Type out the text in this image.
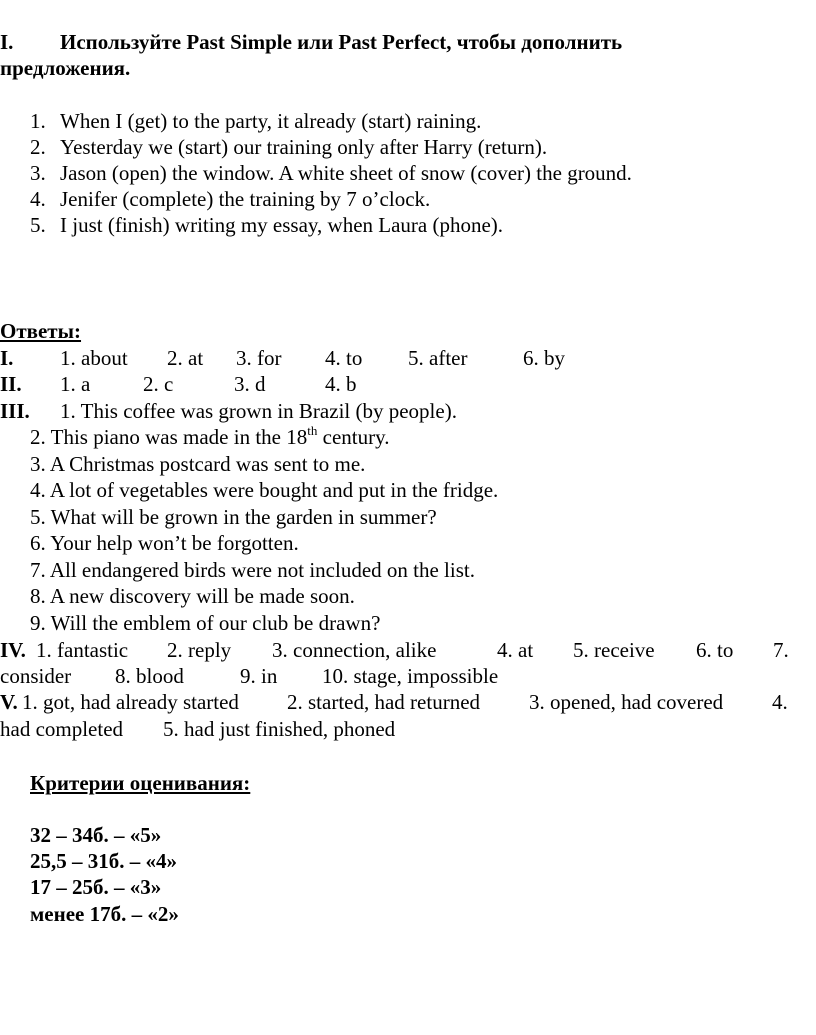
I. Используйте Past Simple или Past Perfect, чтобы дополнить
предложения.
1. When I (get) to the party, it already (start) raining.
2. Yesterday we (start) our training only after Harry (return).
3. Jason (open) the window. A white sheet of snow (cover) the ground.
4. Jenifer (complete) the training by 7 o’clock.
5. I just (finish) writing my essay, when Laura (phone).
Ответы:
I. 1. about 2. at 3. for 4. to 5. after	6. by
II. 1. a	2. c	3. d	4. b
III. 1. This coffee was grown in Brazil (by people).
2. This piano was made in the 18th century.
3. A Christmas postcard was sent to me.
4. A lot of vegetables were bought and put in the fridge.
5. What will be grown in the garden in summer?
6. Your help won’t be forgotten.
7. All endangered birds were not included on the list.
8. A new discovery will be made soon.
9. Will the emblem of our club be drawn?
IV. 1. fantastic 2. reply 3. connection, alike	4. at 5. receive 6. to 7.
consider 8. blood	9. in 10. stage, impossible
V. 1. got, had already started 2. started, had returned 3. opened, had covered 4.
had completed 5. had just finished, phoned
Критерии оценивания:
32 – 34б. – «5»
25,5 – 31б. – «4»
17 – 25б. – «3»
менее 17б. – «2»
